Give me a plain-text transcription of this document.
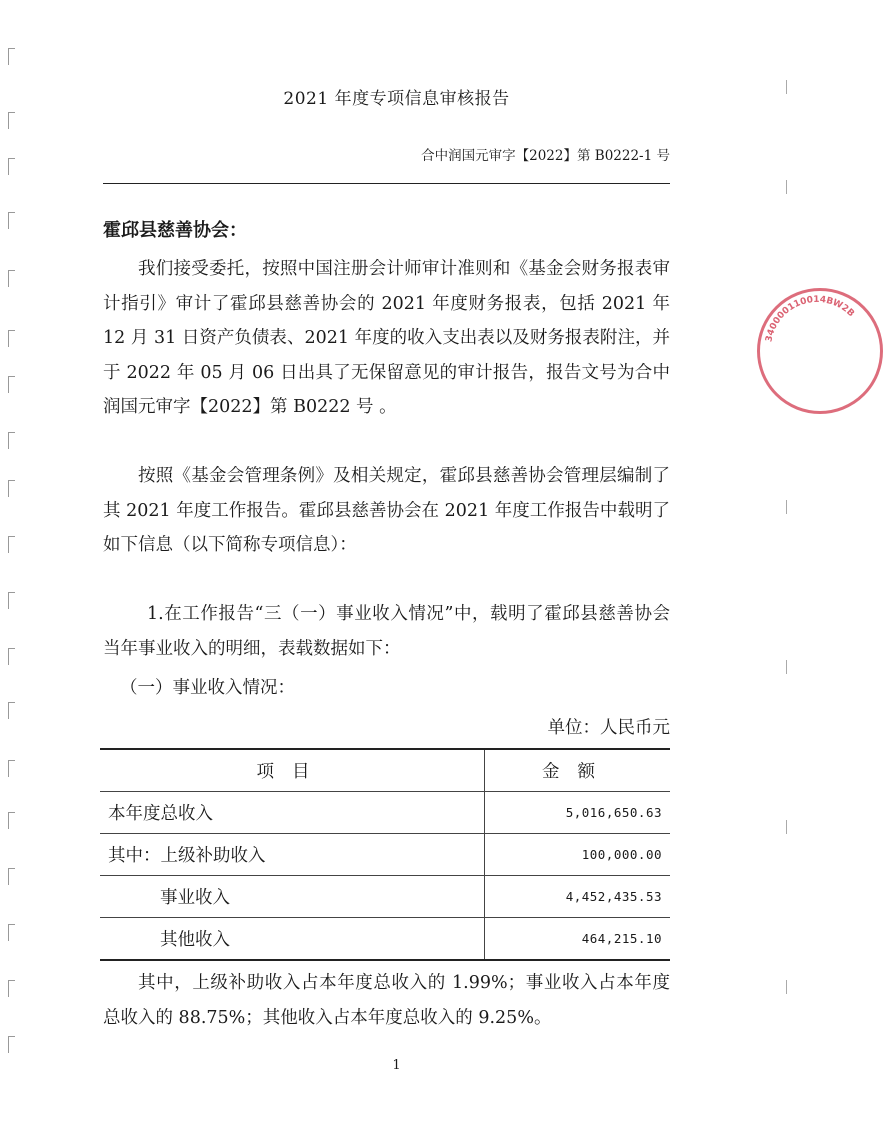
2021 年度专项信息审核报告
合中润国元审字【2022】第 B0222-1 号
霍邱县慈善协会：

我们接受委托，按照中国注册会计师审计准则和《基金会财务报表审计指引》审计了霍邱县慈善协会的 2021 年度财务报表，包括 2021 年 12 月 31 日资产负债表、2021 年度的收入支出表以及财务报表附注，并于 2022 年 05 月 06 日出具了无保留意见的审计报告，报告文号为合中润国元审字【2022】第 B0222 号 。

按照《基金会管理条例》及相关规定，霍邱县慈善协会管理层编制了其 2021 年度工作报告。霍邱县慈善协会在 2021 年度工作报告中载明了如下信息（以下简称专项信息）：

1.在工作报告“三（一）事业收入情况”中，载明了霍邱县慈善协会当年事业收入的明细，表载数据如下：

（一）事业收入情况：

单位：人民币元
项目	金额
本年度总收入	5,016,650.63
其中：上级补助收入	100,000.00
事业收入	4,452,435.53
其他收入	464,215.10

其中，上级补助收入占本年度总收入的 1.99%；事业收入占本年度总收入的 88.75%；其他收入占本年度总收入的 9.25%。

1
340000110014BW2B
